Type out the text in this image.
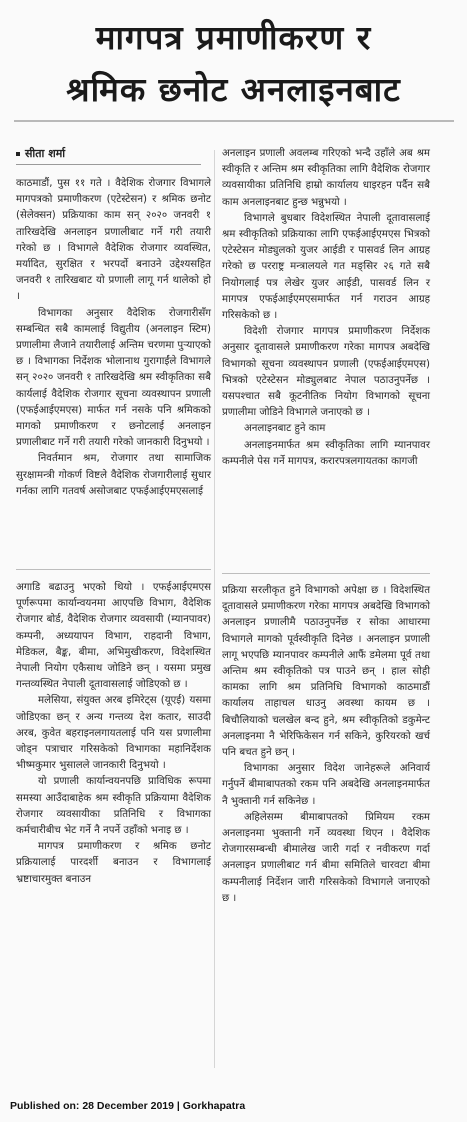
मागपत्र प्रमाणीकरण र
श्रमिक छनोट अनलाइनबाट
सीता शर्मा

काठमाडौं, पुस ११ गते । वैदेशिक रोजगार विभागले मागपत्रको प्रमाणीकरण (एटेस्टेसन) र श्रमिक छनोट (सेलेक्सन) प्रक्रियाका काम सन् २०२० जनवरी १ तारिखदेखि अनलाइन प्रणालीबाट गर्ने गरी तयारी गरेको छ । विभागले वैदेशिक रोजगार व्यवस्थित, मर्यादित, सुरक्षित र भरपर्दो बनाउने उद्देश्यसहित जनवरी १ तारिखबाट यो प्रणाली लागू गर्न थालेको हो ।

विभागका अनुसार वैदेशिक रोजगारीसँग सम्बन्धित सबै कामलाई विद्युतीय (अनलाइन स्टिम) प्रणालीमा लैजाने तयारीलाई अन्तिम चरणमा पुऱ्याएको छ । विभागका निर्देशक भोलानाथ गुरागाईंले विभागले सन् २०२० जनवरी १ तारिखदेखि श्रम स्वीकृतिका सबै कार्यलाई वैदेशिक रोजगार सूचना व्यवस्थापन प्रणाली (एफईआईएमएस) मार्फत गर्न नसके पनि श्रमिकको मागको प्रमाणीकरण र छनोटलाई अनलाइन प्रणालीबाट गर्ने गरी तयारी गरेको जानकारी दिनुभयो ।

निवर्तमान श्रम, रोजगार तथा सामाजिक सुरक्षामन्त्री गोकर्ण विष्टले वैदेशिक रोजगारीलाई सुधार गर्नका लागि गतवर्ष असोजबाट एफईआईएमएसलाई

अगाडि बढाउनु भएको थियो । एफईआईएमएस पूर्णरूपमा कार्यान्वयनमा आएपछि विभाग, वैदेशिक रोजगार बोर्ड, वैदेशिक रोजगार व्यवसायी (म्यानपावर) कम्पनी, अध्ययापन विभाग, राहदानी विभाग, मेडिकल, बैङ्क, बीमा, अभिमुखीकरण, विदेशस्थित नेपाली नियोग एकैसाथ जोडिने छन् । यसमा प्रमुख गन्तव्यस्थित नेपाली दूतावासलाई जोडिएको छ ।

मलेसिया, संयुक्त अरब इमिरेट्स (यूएई) यसमा जोडिएका छन् र अन्य गन्तव्य देश कतार, साउदी अरब, कुवेत बहराइनलगायतलाई पनि यस प्रणालीमा जोड्न पत्राचार गरिसकेको विभागका महानिर्देशक भीष्मकुमार भुसालले जानकारी दिनुभयो ।

यो प्रणाली कार्यान्वयनपछि प्राविधिक रूपमा समस्या आउँदाबाहेक श्रम स्वीकृति प्रक्रियामा वैदेशिक रोजगार व्यवसायीका प्रतिनिधि र विभागका कर्मचारीबीच भेट गर्ने नै नपर्ने उहाँको भनाइ छ ।

मागपत्र प्रमाणीकरण र श्रमिक छनोट प्रक्रियालाई पारदर्शी बनाउन र विभागलाई भ्रष्टाचारमुक्त बनाउन

अनलाइन प्रणाली अवलम्ब गरिएको भन्दै उहाँले अब श्रम स्वीकृति र अन्तिम श्रम स्वीकृतिका लागि वैदेशिक रोजगार व्यवसायीका प्रतिनिधि हाम्रो कार्यालय धाइरहन पर्दैन सबै काम अनलाइनबाट हुन्छ भन्नुभयो ।

विभागले बुधबार विदेशस्थित नेपाली दूतावासलाई श्रम स्वीकृतिको प्रक्रियाका लागि एफईआईएमएस भित्रको एटेस्टेसन मोड्युलको युजर आईडी र पासवर्ड लिन आग्रह गरेको छ परराष्ट्र मन्त्रालयले गत मङ्सिर २६ गते सबै नियोगलाई पत्र लेखेर युजर आईडी, पासवर्ड लिन र मागपत्र एफईआईएमएसमार्फत गर्न गराउन आग्रह गरिसकेको छ ।

विदेशी रोजगार मागपत्र प्रमाणीकरण निर्देशक अनुसार दूतावासले प्रमाणीकरण गरेका मागपत्र अबदेखि विभागको सूचना व्यवस्थापन प्रणाली (एफईआईएमएस) भित्रको एटेस्टेसन मोड्युलबाट नेपाल पठाउनुपर्नेछ । यसपश्चात सबै कूटनीतिक नियोग विभागको सूचना प्रणालीमा जोडिने विभागले जनाएको छ ।

अनलाइनबाट हुने काम

अनलाइनमार्फत श्रम स्वीकृतिका लागि म्यानपावर कम्पनीले पेस गर्ने मागपत्र, करारपत्रलगायतका कागजी

प्रक्रिया सरलीकृत हुने विभागको अपेक्षा छ । विदेशस्थित दूतावासले प्रमाणीकरण गरेका मागपत्र अबदेखि विभागको अनलाइन प्रणालीमै पठाउनुपर्नेछ र सोका आधारमा विभागले मागको पूर्वस्वीकृति दिनेछ । अनलाइन प्रणाली लागू भएपछि म्यानपावर कम्पनीले आफैं डमेलमा पूर्व तथा अन्तिम श्रम स्वीकृतिको पत्र पाउने छन् । हाल सोही कामका लागि श्रम प्रतिनिधि विभागको काठमाडौं कार्यालय ताहाचल धाउनु अवस्था कायम छ । बिचौलियाको चलखेल बन्द हुने, श्रम स्वीकृतिको डकुमेन्ट अनलाइनमा नै भेरिफिकेसन गर्न सकिने, कुरियरको खर्च पनि बचत हुने छन् ।

विभागका अनुसार विदेश जानेहरूले अनिवार्य गर्नुपर्ने बीमाबापतको रकम पनि अबदेखि अनलाइनमार्फत नै भुक्तानी गर्न सकिनेछ ।

अहिलेसम्म बीमाबापतको प्रिमियम रकम अनलाइनमा भुक्तानी गर्ने व्यवस्था थिएन । वैदेशिक रोजगारसम्बन्धी बीमालेख जारी गर्दा र नवीकरण गर्दा अनलाइन प्रणालीबाट गर्न बीमा समितिले चारवटा बीमा कम्पनीलाई निर्देशन जारी गरिसकेको विभागले जनाएको छ ।

Published on: 28 December 2019 | Gorkhapatra
